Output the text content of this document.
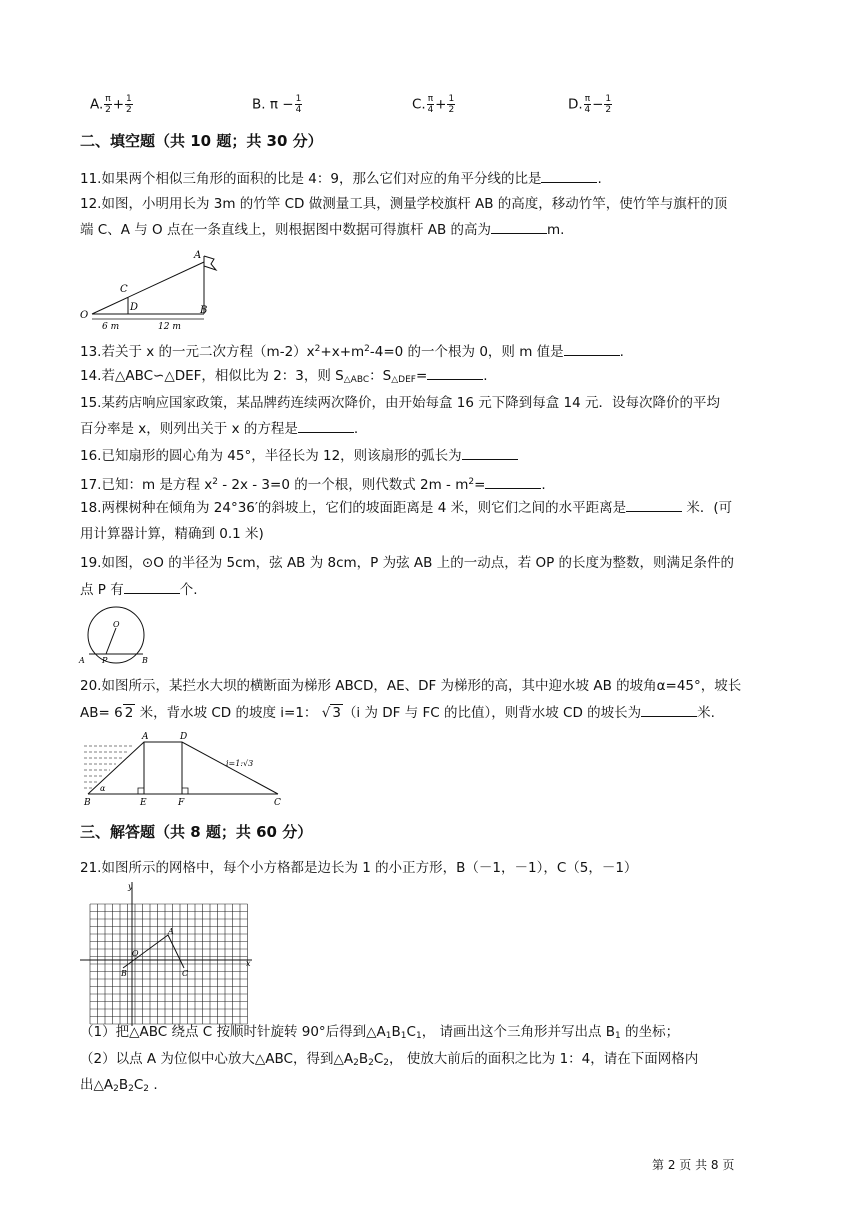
A. $\frac{\pi}{2} + \frac{1}{2}$	B. $\pi - \frac{1}{4}$	C. $\frac{\pi}{4} + \frac{1}{2}$	D. $\frac{\pi}{4} - \frac{1}{2}$
二、填空题（共 10 题；共 30 分）
11.如果两个相似三角形的面积的比是 4：9，那么它们对应的角平分线的比是	.
12.如图，小明用长为 3m 的竹竿 CD 做测量工具，测量学校旗杆 AB 的高度，移动竹竿，使竹竿与旗杆的顶
端 C、A 与 O 点在一条直线上，则根据图中数据可得旗杆 AB 的高为	m.
A
B
C
D
O
6 m	12 m
13.若关于 x 的一元二次方程$(m-2)x^2+x+m^2-4=0$ 的一个根为 0，则 m 值是	.
14.若△ABC∽△DEF，相似比为 2：3，则 $S_{\triangle ABC}$：$S_{\triangle DEF}=$	.
15.某药店响应国家政策，某品牌药连续两次降价，由开始每盒 16 元下降到每盒 14 元．设每次降价的平均
百分率是 x，则列出关于 x 的方程是	.
16.已知扇形的圆心角为 45°，半径长为 12，则该扇形的弧长为
17.已知：m 是方程 $x^2 - 2x - 3=0$ 的一个根，则代数式 $2m - m^2=$	.
18.两棵树种在倾角为 24°36′的斜坡上，它们的坡面距离是 4 米，则它们之间的水平距离是	米．(可
用计算器计算，精确到 0.1 米)
19.如图，⊙O 的半径为 5cm，弦 AB 为 8cm，P 为弦 AB 上的一动点，若 OP 的长度为整数，则满足条件的
点 P 有	个.
O
A P	B
20.如图所示，某拦水大坝的横断面为梯形 ABCD，AE、DF 为梯形的高，其中迎水坡 AB 的坡角α=45°，坡长
AB= 6 2 米，背水坡 CD 的坡度 i=1： √ 3 （i 为 DF 与 FC 的比值），则背水坡 CD 的坡长为	米.
A	D
B	E	F	C
α
i=1:√3
三、解答题（共 8 题；共 60 分）
21.如图所示的网格中，每个小方格都是边长为 1 的小正方形，B（－1，－1），C（5，－1）
y
x
O
A
B	C
（1）把△ABC 绕点 C 按顺时针旋转 90°后得到$\triangle A_1B_1C_1$， 请画出这个三角形并写出点 $B_1$ 的坐标；
（2）以点 A 为位似中心放大△ABC，得到$\triangle A_2B_2C_2$， 使放大前后的面积之比为 1：4，请在下面网格内
出$\triangle A_2B_2C_2$ .
第 2 页 共 8 页
